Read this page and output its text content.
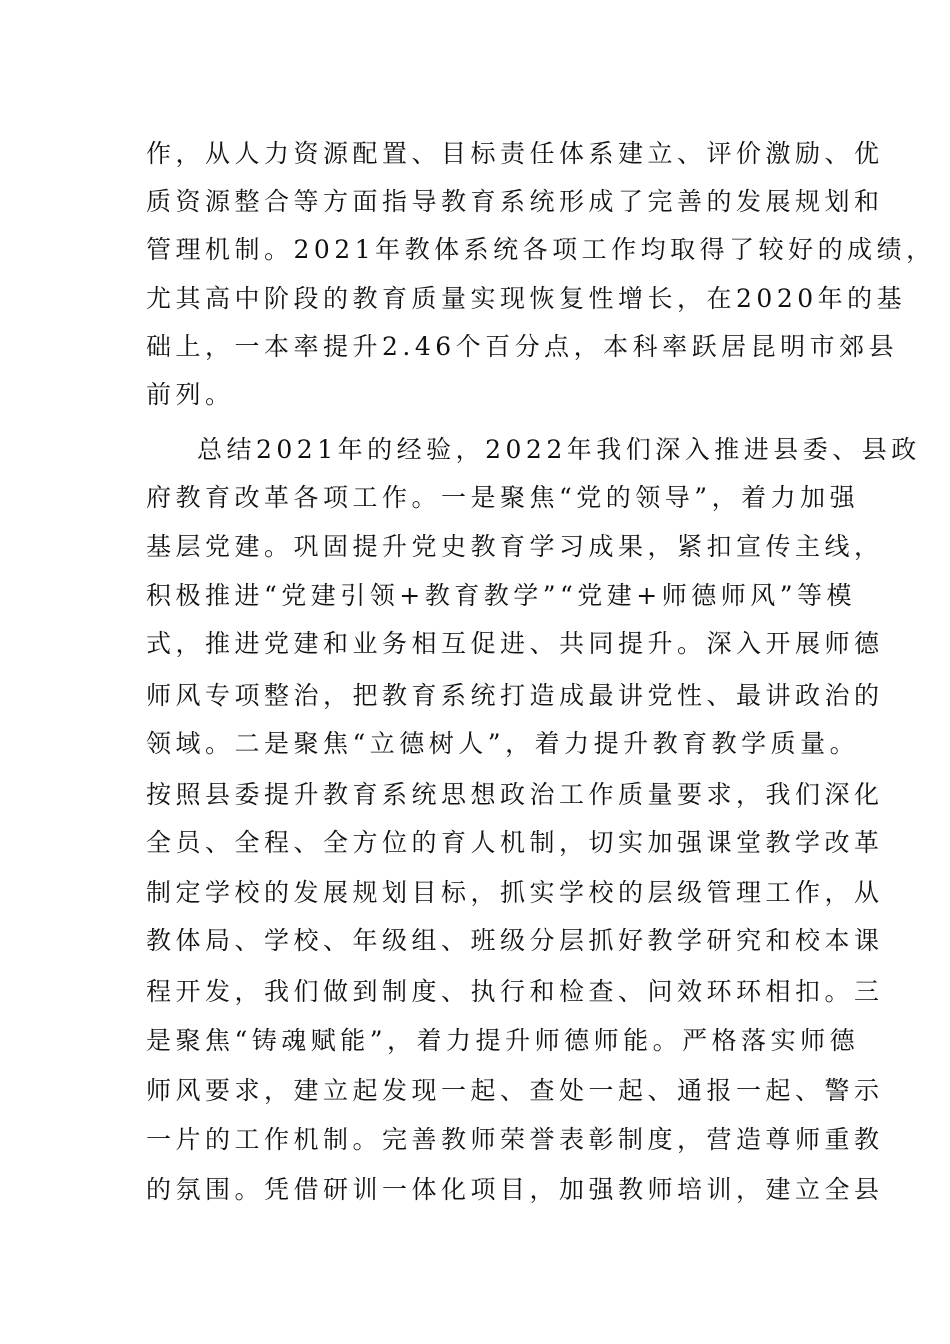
作，从人力资源配置、目标责任体系建立、评价激励、优
质资源整合等方面指导教育系统形成了完善的发展规划和
管理机制。2021年教体系统各项工作均取得了较好的成绩，
尤其高中阶段的教育质量实现恢复性增长，在2020年的基
础上，一本率提升2.46个百分点，本科率跃居昆明市郊县
前列。
总结2021年的经验，2022年我们深入推进县委、县政
府教育改革各项工作。一是聚焦“党的领导”，着力加强
基层党建。巩固提升党史教育学习成果，紧扣宣传主线，
积极推进“党建引领+教育教学”“党建+师德师风”等模
式，推进党建和业务相互促进、共同提升。深入开展师德
师风专项整治，把教育系统打造成最讲党性、最讲政治的
领域。二是聚焦“立德树人”，着力提升教育教学质量。
按照县委提升教育系统思想政治工作质量要求，我们深化
全员、全程、全方位的育人机制，切实加强课堂教学改革
制定学校的发展规划目标，抓实学校的层级管理工作，从
教体局、学校、年级组、班级分层抓好教学研究和校本课
程开发，我们做到制度、执行和检查、问效环环相扣。三
是聚焦“铸魂赋能”，着力提升师德师能。严格落实师德
师风要求，建立起发现一起、查处一起、通报一起、警示
一片的工作机制。完善教师荣誉表彰制度，营造尊师重教
的氛围。凭借研训一体化项目，加强教师培训，建立全县
